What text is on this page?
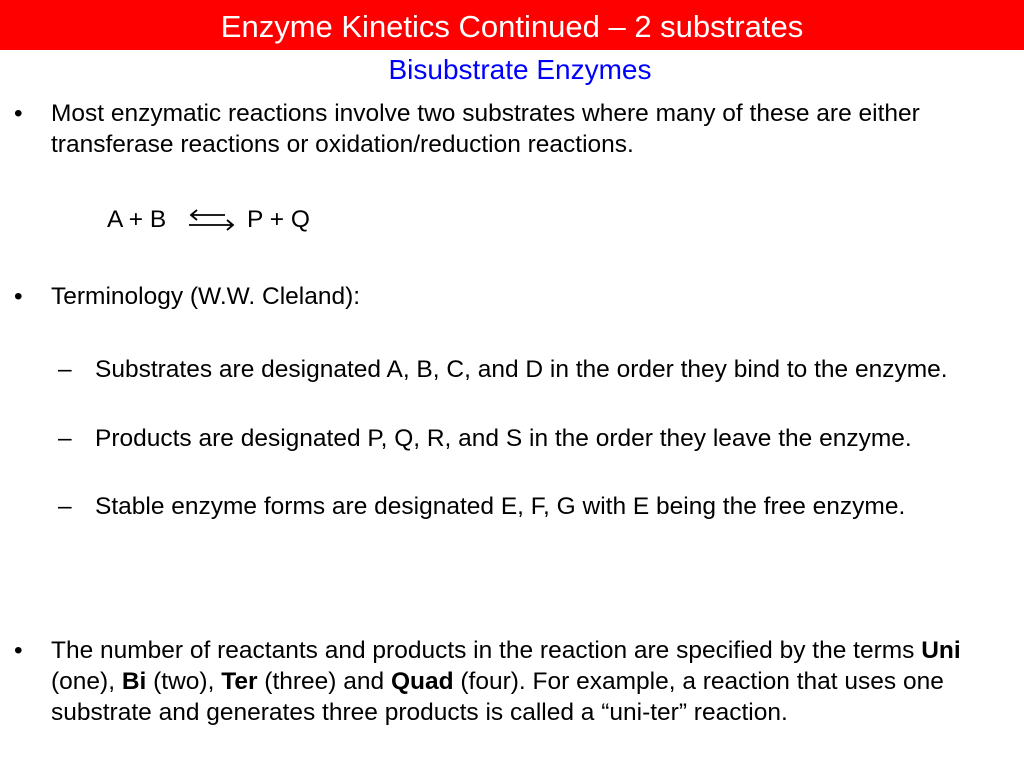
Enzyme Kinetics Continued – 2 substrates
Bisubstrate Enzymes
• Most enzymatic reactions involve two substrates where many of these are either transferase reactions or oxidation/reduction reactions.
A + B ⇌ P + Q
• Terminology (W.W. Cleland):
– Substrates are designated A, B, C, and D in the order they bind to the enzyme.
– Products are designated P, Q, R, and S in the order they leave the enzyme.
– Stable enzyme forms are designated E, F, G with E being the free enzyme.
• The number of reactants and products in the reaction are specified by the terms Uni (one), Bi (two), Ter (three) and Quad (four). For example, a reaction that uses one substrate and generates three products is called a “uni-ter” reaction.
